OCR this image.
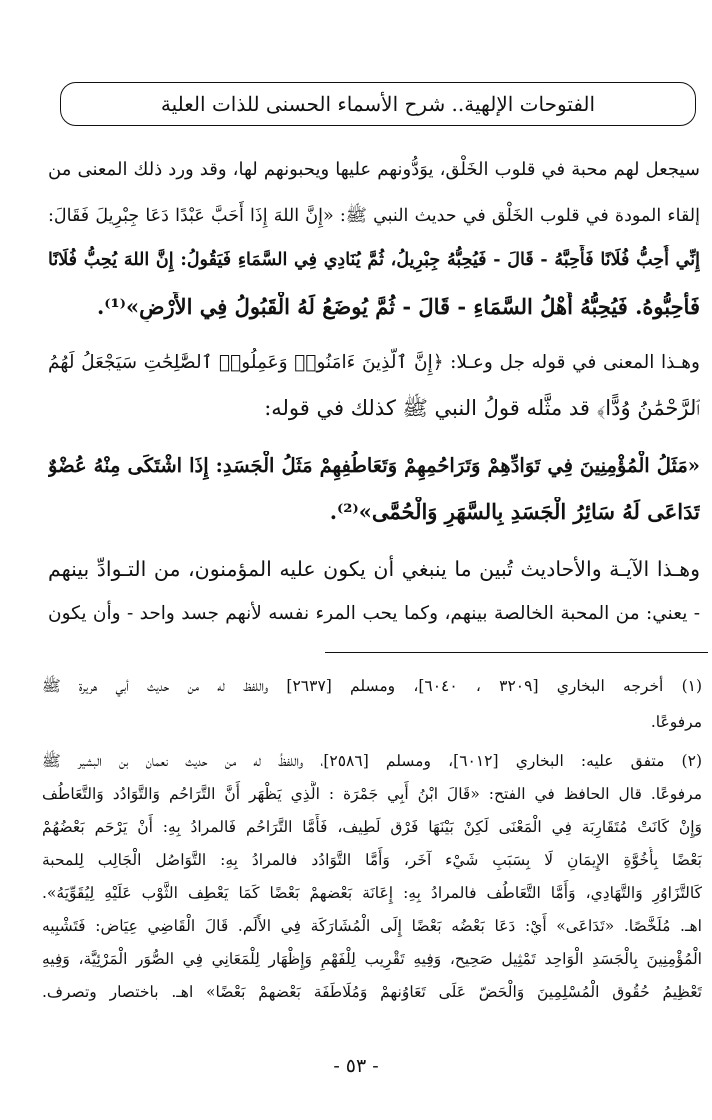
الفتوحات الإلهية.. شرح الأسماء الحسنى للذات العلية
سيجعل لهم محبة في قلوب الخَلْق، يوَدُّونهم عليها ويحبونهم لها، وقد ورد ذلك المعنى من
إلقاء المودة في قلوب الخَلْق في حديث النبي ﷺ: «إِنَّ اللهَ إِذَا أَحَبَّ عَبْدًا دَعَا جِبْرِيلَ فَقَالَ:
إِنِّي أُحِبُّ فُلَانًا فَأَحِبَّهُ - قَالَ - فَيُحِبُّهُ جِبْرِيلُ، ثُمَّ يُنَادِي فِي السَّمَاءِ فَيَقُولُ: إِنَّ اللهَ يُحِبُّ فُلَانًا
فَأَحِبُّوهُ. فَيُحِبُّهُ أَهْلُ السَّمَاءِ - قَالَ - ثُمَّ يُوضَعُ لَهُ الْقَبُولُ فِي الأَرْضِ»⁽¹⁾.
وهـذا المعنى في قوله جل وعـلا: ﴿إِنَّ ٱلَّذِينَ ءَامَنُوا۟ وَعَمِلُوا۟ ٱلصَّٰلِحَٰتِ سَيَجْعَلُ لَهُمُ
ٱلرَّحْمَٰنُ وُدًّا﴾ قد مثَّله قولُ النبي ﷺ كذلك في قوله:
«مَثَلُ الْمُؤْمِنِينَ فِي تَوَادِّهِمْ وَتَرَاحُمِهِمْ وَتَعَاطُفِهِمْ مَثَلُ الْجَسَدِ: إِذَا اشْتَكَى مِنْهُ عُضْوٌ
تَدَاعَى لَهُ سَائِرُ الْجَسَدِ بِالسَّهَرِ وَالْحُمَّى»⁽²⁾.
وهـذا الآيـة والأحاديث تُبين ما ينبغي أن يكون عليه المؤمنون، من التـوادِّ بينهم
- يعني: من المحبة الخالصة بينهم، وكما يحب المرء نفسه لأنهم جسد واحد - وأن يكون
(١) أخرجه البخاري [٣٢٠٩ ، ٦٠٤٠]، ومسلم [٢٦٣٧] واللفظ له من حديث أبي هريرة ﷺ
مرفوعًا.
(٢) متفق عليه: البخاري [٦٠١٢]، ومسلم [٢٥٨٦]، واللفظُ له من حديث نعمان بن البشير ﷺ
مرفوعًا. قال الحافظ في الفتح: «قَالَ ابْنُ أَبِي جَمْرَة : الَّذِي يَظْهَر أَنَّ التَّرَاحُم وَالتَّوَادُد وَالتَّعَاطُف
وَإِنْ كَانَتْ مُتَقَارِبَة فِي الْمَعْنَى لَكِنْ بَيْنَهَا فَرْق لَطِيف، فَأَمَّا التَّرَاحُم فَالمرادُ بِهِ: أَنْ يَرْحَم بَعْضُهُمْ
بَعْضًا بِأُخُوَّةِ الإِيمَانِ لَا بِسَبَبِ شَيْء آخَر، وَأَمَّا التَّوَادُد فالمرادُ بِهِ: التَّوَاصُل الْجَالِب لِلمحبة
كَالتَّزَاوُرِ وَالتَّهَادِي، وَأَمَّا التَّعَاطُف فالمرادُ بِهِ: إِعَانَة بَعْضهمْ بَعْضًا كَمَا يَعْطِف الثَّوْب عَلَيْهِ لِيُقَوِّيَهُ».
اهـ. مُلَخَّصًا. «تَدَاعَى» أَيْ: دَعَا بَعْضُه بَعْضًا إِلَى الْمُشَارَكَة فِي الأَلَم. قَالَ الْقَاضِي عِيَاض: فَتَشْبِيه
الْمُؤْمِنِينَ بِالْجَسَدِ الْوَاحِد تَمْثِيل صَحِيح، وَفِيهِ تَقْرِيب لِلْفَهْمِ وَإِظْهَار لِلْمَعَانِي فِي الصُّوَر الْمَرْئِيَّة، وَفِيهِ
تَعْظِيمُ حُقُوق الْمُسْلِمِينَ وَالْحَضّ عَلَى تَعَاوُنهمْ وَمُلَاطَفَة بَعْضهمْ بَعْضًا» اهـ. باختصار وتصرف.
- ٥٣ -
